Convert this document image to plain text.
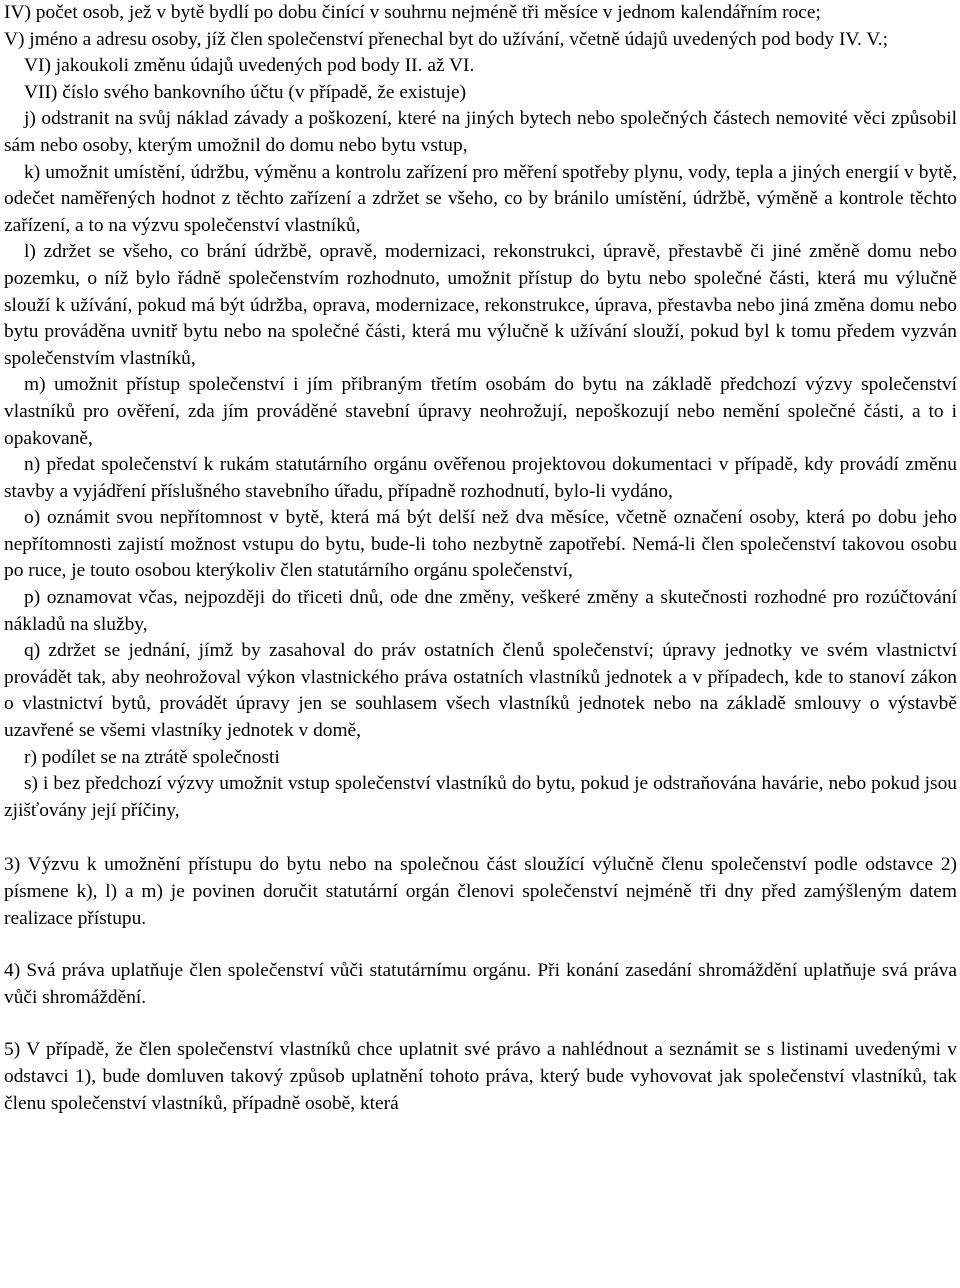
IV) počet osob, jež v bytě bydlí po dobu činící v souhrnu nejméně tři měsíce v jednom kalendářním roce;

V) jméno a adresu osoby, jíž člen společenství přenechal byt do užívání, včetně údajů uvedených pod body IV. V.;

VI) jakoukoli změnu údajů uvedených pod body II. až VI.

VII) číslo svého bankovního účtu (v případě, že existuje)

j) odstranit na svůj náklad závady a poškození, které na jiných bytech nebo společných částech nemovité věci způsobil sám nebo osoby, kterým umožnil do domu nebo bytu vstup,

k) umožnit umístění, údržbu, výměnu a kontrolu zařízení pro měření spotřeby plynu, vody, tepla a jiných energií v bytě, odečet naměřených hodnot z těchto zařízení a zdržet se všeho, co by bránilo umístění, údržbě, výměně a kontrole těchto zařízení, a to na výzvu společenství vlastníků,

l) zdržet se všeho, co brání údržbě, opravě, modernizaci, rekonstrukci, úpravě, přestavbě či jiné změně domu nebo pozemku, o níž bylo řádně společenstvím rozhodnuto, umožnit přístup do bytu nebo společné části, která mu výlučně slouží k užívání, pokud má být údržba, oprava, modernizace, rekonstrukce, úprava, přestavba nebo jiná změna domu nebo bytu prováděna uvnitř bytu nebo na společné části, která mu výlučně k užívání slouží, pokud byl k tomu předem vyzván společenstvím vlastníků,

m) umožnit přístup společenství i jím přibraným třetím osobám do bytu na základě předchozí výzvy společenství vlastníků pro ověření, zda jím prováděné stavební úpravy neohrožují, nepoškozují nebo nemění společné části, a to i opakovaně,

n) předat společenství k rukám statutárního orgánu ověřenou projektovou dokumentaci v případě, kdy provádí změnu stavby a vyjádření příslušného stavebního úřadu, případně rozhodnutí, bylo-li vydáno,

o) oznámit svou nepřítomnost v bytě, která má být delší než dva měsíce, včetně označení osoby, která po dobu jeho nepřítomnosti zajistí možnost vstupu do bytu, bude-li toho nezbytně zapotřebí. Nemá-li člen společenství takovou osobu po ruce, je touto osobou kterýkoliv člen statutárního orgánu společenství,

p) oznamovat včas, nejpozději do třiceti dnů, ode dne změny, veškeré změny a skutečnosti rozhodné pro rozúčtování nákladů na služby,

q) zdržet se jednání, jímž by zasahoval do práv ostatních členů společenství; úpravy jednotky ve svém vlastnictví provádět tak, aby neohrožoval výkon vlastnického práva ostatních vlastníků jednotek a v případech, kde to stanoví zákon o vlastnictví bytů, provádět úpravy jen se souhlasem všech vlastníků jednotek nebo na základě smlouvy o výstavbě uzavřené se všemi vlastníky jednotek v domě,

r) podílet se na ztrátě společnosti

s) i bez předchozí výzvy umožnit vstup společenství vlastníků do bytu, pokud je odstraňována havárie, nebo pokud jsou zjišťovány její příčiny,

3) Výzvu k umožnění přístupu do bytu nebo na společnou část sloužící výlučně členu společenství podle odstavce 2) písmene k), l) a m) je povinen doručit statutární orgán členovi společenství nejméně tři dny před zamýšleným datem realizace přístupu.

4) Svá práva uplatňuje člen společenství vůči statutárnímu orgánu. Při konání zasedání shromáždění uplatňuje svá práva vůči shromáždění.

5) V případě, že člen společenství vlastníků chce uplatnit své právo a nahlédnout a seznámit se s listinami uvedenými v odstavci 1), bude domluven takový způsob uplatnění tohoto práva, který bude vyhovovat jak společenství vlastníků, tak členu společenství vlastníků, případně osobě, která
